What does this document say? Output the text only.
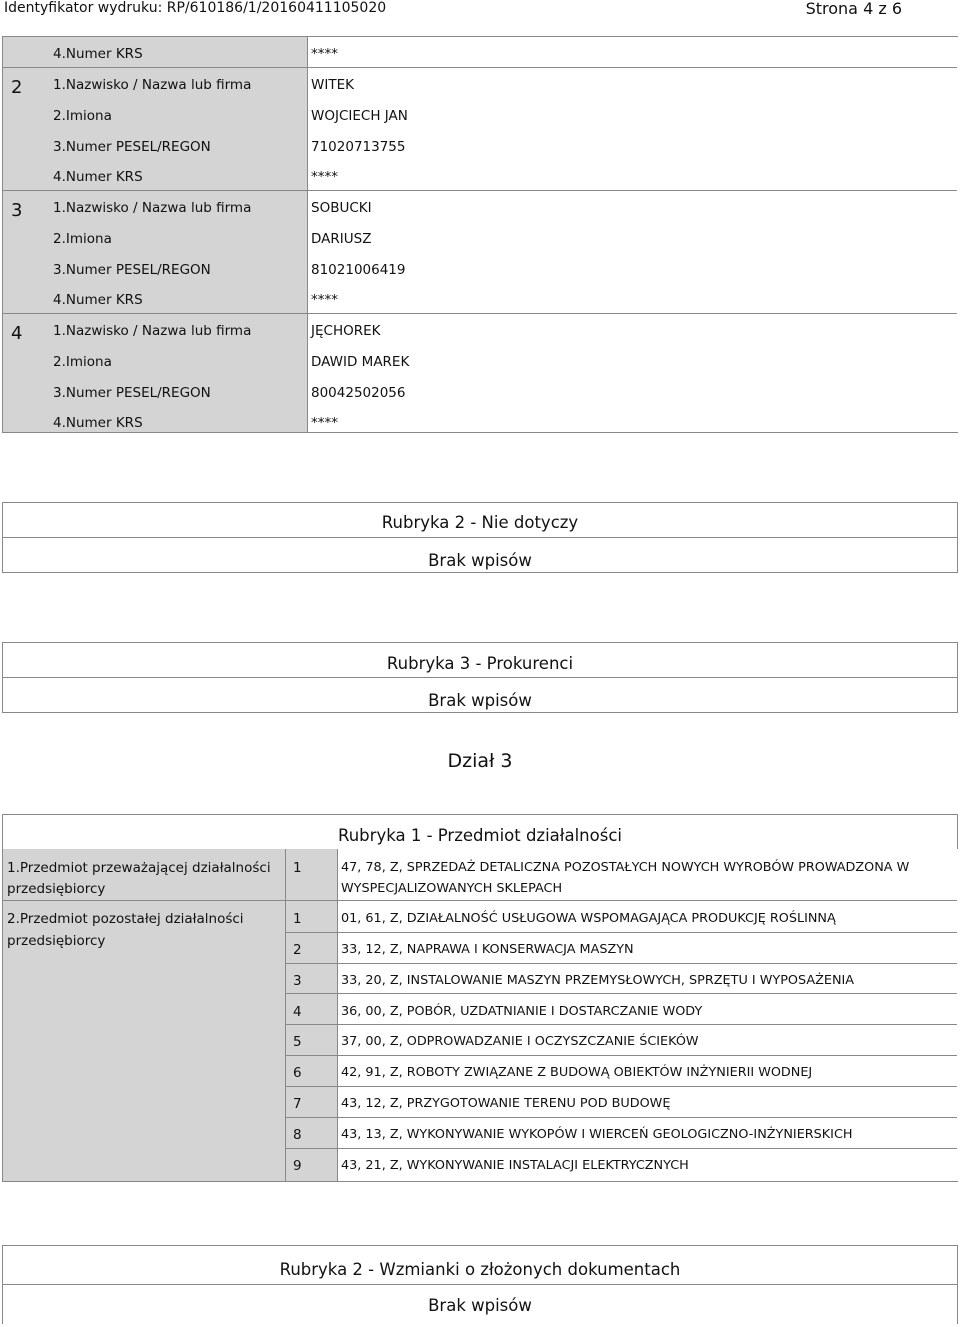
Identyfikator wydruku: RP/610186/1/20160411105020	Strona 4 z 6
4.Numer KRS	****
2 1.Nazwisko / Nazwa lub firma	WITEK
2.Imiona	WOJCIECH JAN
3.Numer PESEL/REGON	71020713755
4.Numer KRS	****
3 1.Nazwisko / Nazwa lub firma	SOBUCKI
2.Imiona	DARIUSZ
3.Numer PESEL/REGON	81021006419
4.Numer KRS	****
4 1.Nazwisko / Nazwa lub firma	JĘCHOREK
2.Imiona	DAWID MAREK
3.Numer PESEL/REGON	80042502056
4.Numer KRS	****
Rubryka 2 - Nie dotyczy
Brak wpisów
Rubryka 3 - Prokurenci
Brak wpisów
Dział 3
Rubryka 1 - Przedmiot działalności
1.Przedmiot przeważającej działalności
przedsiębiorcy
1	47, 78, Z, SPRZEDAŻ DETALICZNA POZOSTAŁYCH NOWYCH WYROBÓW PROWADZONA W
WYSPECJALIZOWANYCH SKLEPACH
2.Przedmiot pozostałej działalności
przedsiębiorcy
1	01, 61, Z, DZIAŁALNOŚĆ USŁUGOWA WSPOMAGAJĄCA PRODUKCJĘ ROŚLINNĄ
2	33, 12, Z, NAPRAWA I KONSERWACJA MASZYN
3	33, 20, Z, INSTALOWANIE MASZYN PRZEMYSŁOWYCH, SPRZĘTU I WYPOSAŻENIA
4	36, 00, Z, POBÓR, UZDATNIANIE I DOSTARCZANIE WODY
5	37, 00, Z, ODPROWADZANIE I OCZYSZCZANIE ŚCIEKÓW
6	42, 91, Z, ROBOTY ZWIĄZANE Z BUDOWĄ OBIEKTÓW INŻYNIERII WODNEJ
7	43, 12, Z, PRZYGOTOWANIE TERENU POD BUDOWĘ
8	43, 13, Z, WYKONYWANIE WYKOPÓW I WIERCEŃ GEOLOGICZNO-INŻYNIERSKICH
9	43, 21, Z, WYKONYWANIE INSTALACJI ELEKTRYCZNYCH
Rubryka 2 - Wzmianki o złożonych dokumentach
Brak wpisów
